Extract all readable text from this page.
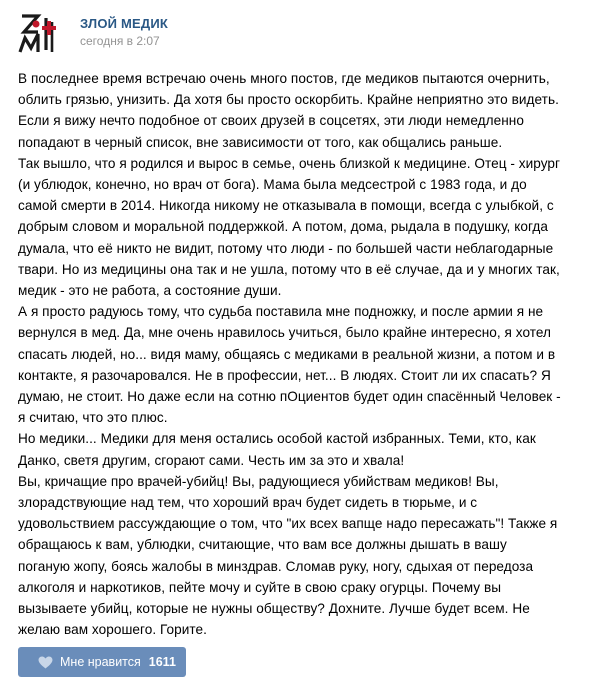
ЗЛОЙ МЕДИК
сегодня в 2:07
В последнее время встречаю очень много постов, где медиков пытаются очернить,
облить грязью, унизить. Да хотя бы просто оскорбить. Крайне неприятно это видеть.
Если я вижу нечто подобное от своих друзей в соцсетях, эти люди немедленно
попадают в черный список, вне зависимости от того, как общались раньше.
Так вышло, что я родился и вырос в семье, очень близкой к медицине. Отец - хирург
(и ублюдок, конечно, но врач от бога). Мама была медсестрой с 1983 года, и до
самой смерти в 2014. Никогда никому не отказывала в помощи, всегда с улыбкой, с
добрым словом и моральной поддержкой. А потом, дома, рыдала в подушку, когда
думала, что её никто не видит, потому что люди - по большей части неблагодарные
твари. Но из медицины она так и не ушла, потому что в её случае, да и у многих так,
медик - это не работа, а состояние души.
А я просто радуюсь тому, что судьба поставила мне подножку, и после армии я не
вернулся в мед. Да, мне очень нравилось учиться, было крайне интересно, я хотел
спасать людей, но... видя маму, общаясь с медиками в реальной жизни, а потом и в
контакте, я разочаровался. Не в профессии, нет... В людях. Стоит ли их спасать? Я
думаю, не стоит. Но даже если на сотню пОциентов будет один спасённый Человек -
я считаю, что это плюс.
Но медики... Медики для меня остались особой кастой избранных. Теми, кто, как
Данко, светя другим, сгорают сами. Честь им за это и хвала!
Вы, кричащие про врачей-убийц! Вы, радующиеся убийствам медиков! Вы,
злорадствующие над тем, что хороший врач будет сидеть в тюрьме, и с
удовольствием рассуждающие о том, что "их всех вапще надо пересажать"! Также я
обращаюсь к вам, ублюдки, считающие, что вам все должны дышать в вашу
поганую жопу, боясь жалобы в минздрав. Сломав руку, ногу, сдыхая от передоза
алкоголя и наркотиков, пейте мочу и суйте в свою сраку огурцы. Почему вы
вызываете убийц, которые не нужны обществу? Дохните. Лучше будет всем. Не
желаю вам хорошего. Горите.
Мне нравится 1611
